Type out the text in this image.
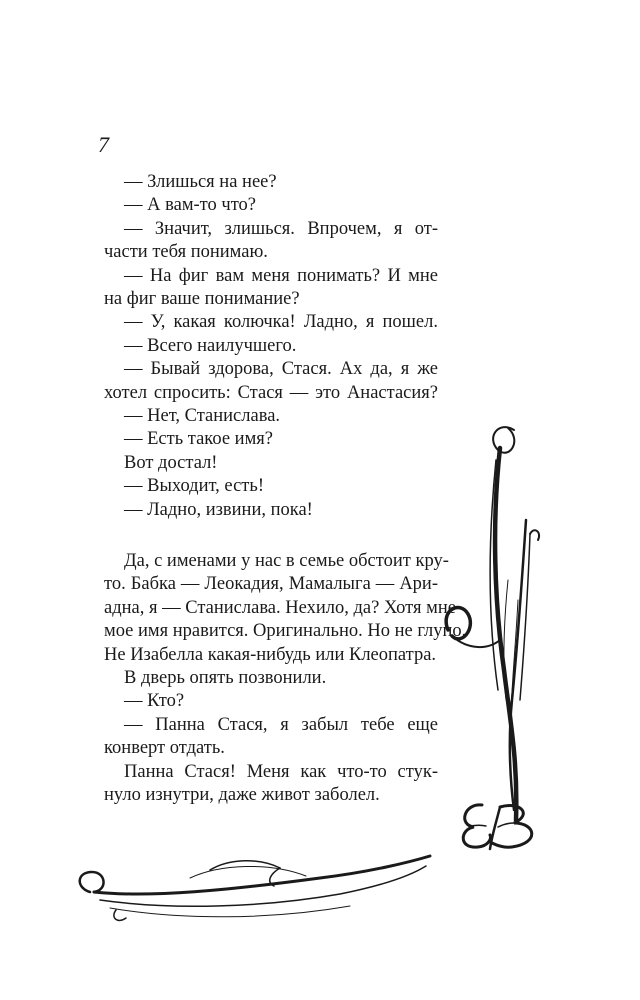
7
— Злишься на нее?
— А вам-то что?
— Значит, злишься. Впрочем, я от-
части тебя понимаю.
— На фиг вам меня понимать? И мне
на фиг ваше понимание?
— У, какая колючка! Ладно, я пошел.
— Всего наилучшего.
— Бывай здорова, Стася. Ах да, я же
хотел спросить: Стася — это Анастасия?
— Нет, Станислава.
— Есть такое имя?
Вот достал!
— Выходит, есть!
— Ладно, извини, пока!
Да, с именами у нас в семье обстоит кру-
то. Бабка — Леокадия, Мамалыга — Ари-
адна, я — Станислава. Нехило, да? Хотя мне
мое имя нравится. Оригинально. Но не глупо.
Не Изабелла какая-нибудь или Клеопатра.
В дверь опять позвонили.
— Кто?
— Панна Стася, я забыл тебе еще
конверт отдать.
Панна Стася! Меня как что-то стук-
нуло изнутри, даже живот заболел.
